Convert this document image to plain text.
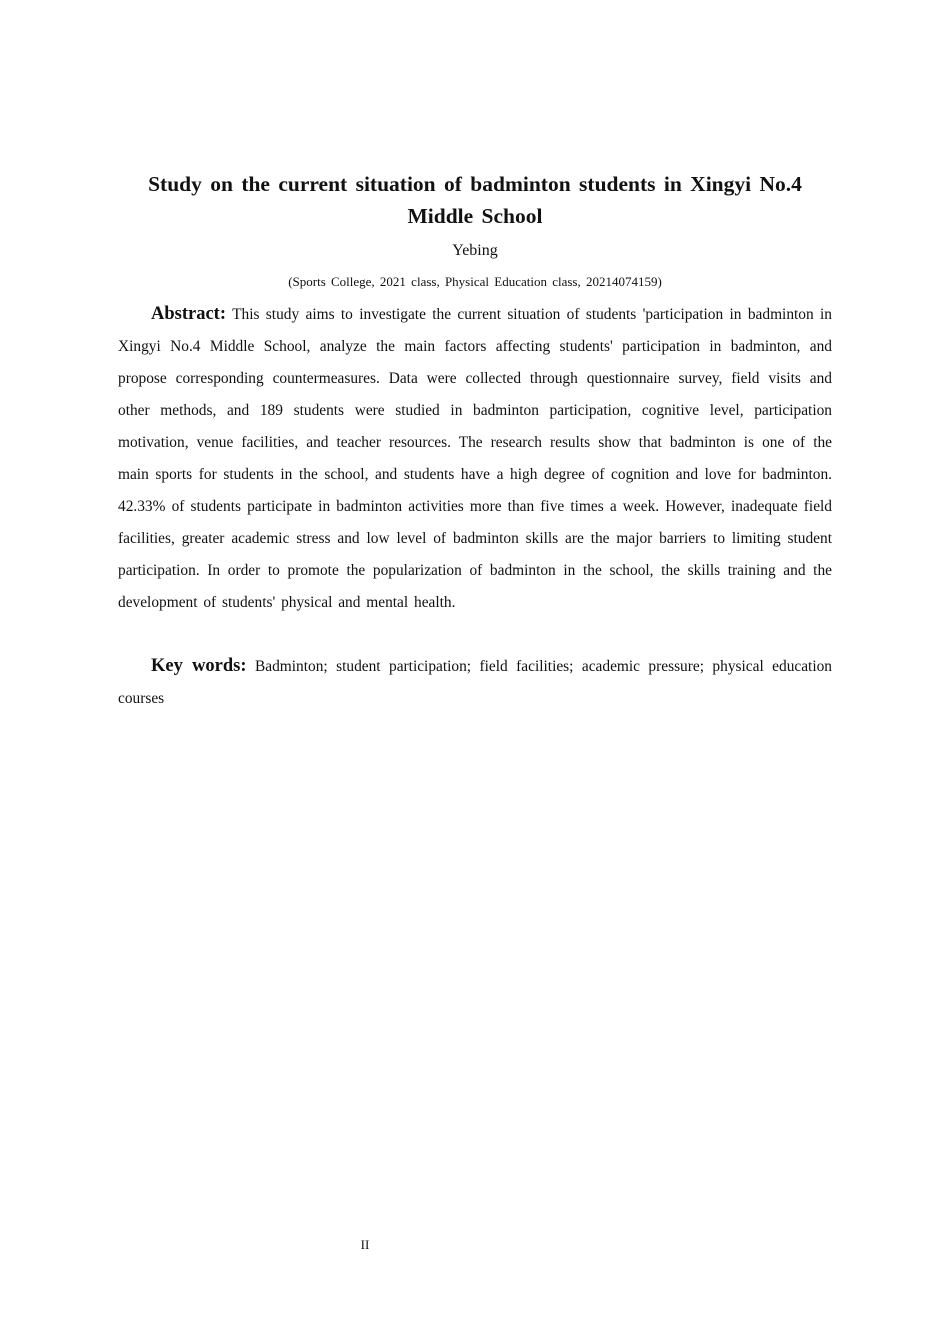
Study on the current situation of badminton students in Xingyi No.4 Middle School
Yebing
(Sports College, 2021 class, Physical Education class, 20214074159)

Abstract: This study aims to investigate the current situation of students 'participation in badminton in Xingyi No.4 Middle School, analyze the main factors affecting students' participation in badminton, and propose corresponding countermeasures. Data were collected through questionnaire survey, field visits and other methods, and 189 students were studied in badminton participation, cognitive level, participation motivation, venue facilities, and teacher resources. The research results show that badminton is one of the main sports for students in the school, and students have a high degree of cognition and love for badminton. 42.33% of students participate in badminton activities more than five times a week. However, inadequate field facilities, greater academic stress and low level of badminton skills are the major barriers to limiting student participation. In order to promote the popularization of badminton in the school, the skills training and the development of students' physical and mental health.

Key words: Badminton; student participation; field facilities; academic pressure; physical education courses

II
